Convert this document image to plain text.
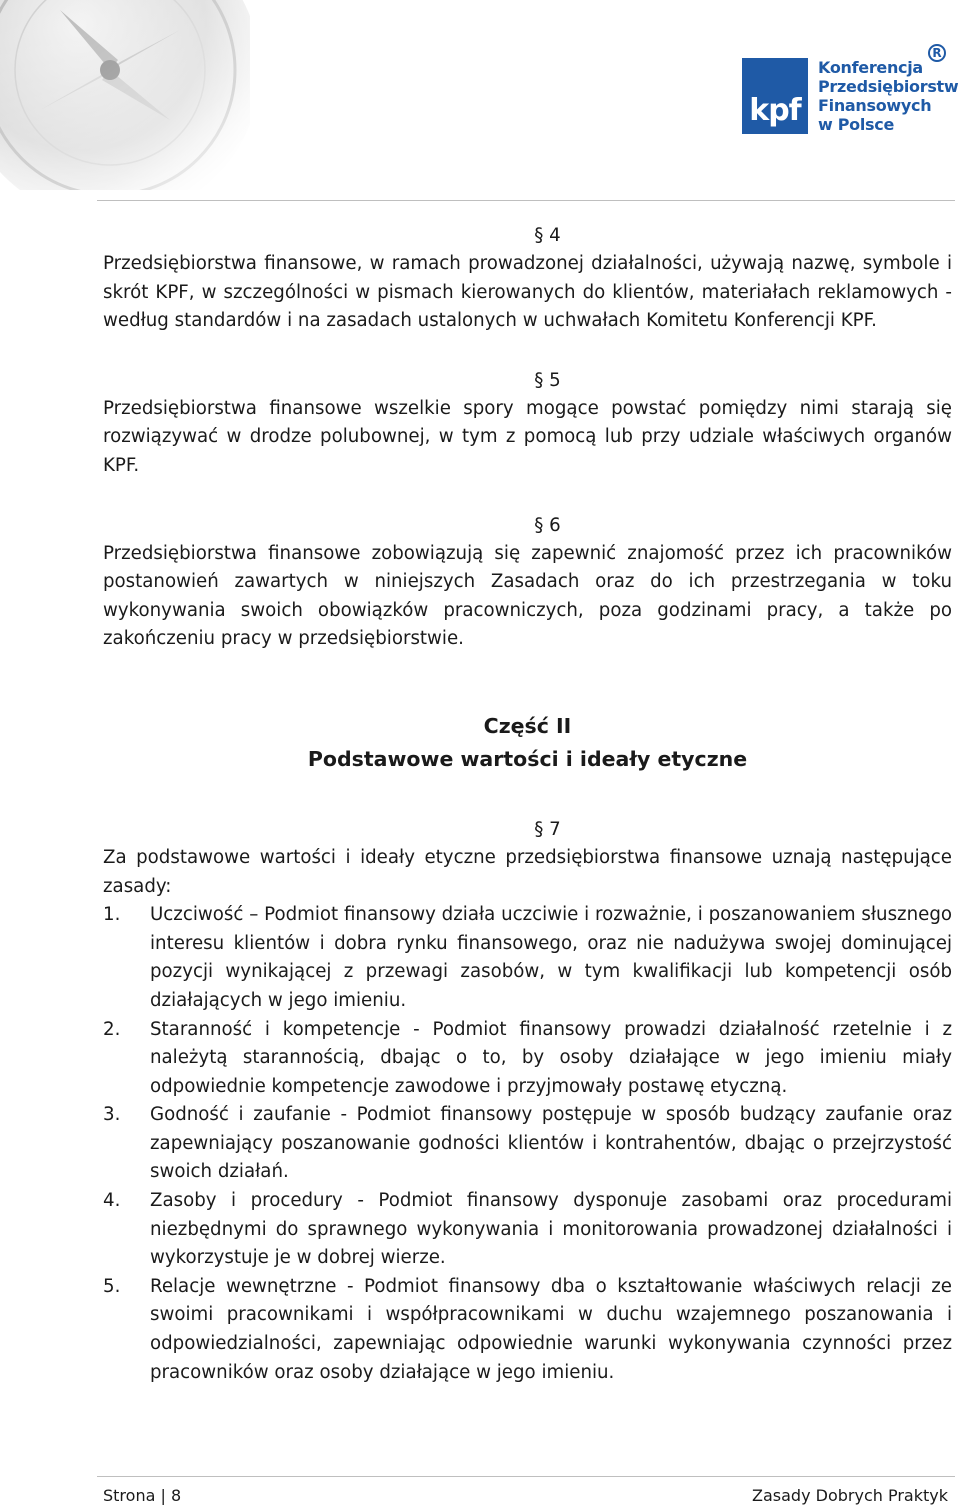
kpf
Konferencja
Przedsiębiorstw
Finansowych
w Polsce
R
§ 4
Przedsiębiorstwa finansowe, w ramach prowadzonej działalności, używają nazwę, symbole i skrót KPF, w szczególności w pismach kierowanych do klientów, materiałach reklamowych - według standardów i na zasadach ustalonych w uchwałach Komitetu Konferencji KPF.
§ 5
Przedsiębiorstwa finansowe wszelkie spory mogące powstać pomiędzy nimi starają się rozwiązywać w drodze polubownej, w tym z pomocą lub przy udziale właściwych organów KPF.
§ 6
Przedsiębiorstwa finansowe zobowiązują się zapewnić znajomość przez ich pracowników postanowień zawartych w niniejszych Zasadach oraz do ich przestrzegania w toku wykonywania swoich obowiązków pracowniczych, poza godzinami pracy, a także po zakończeniu pracy w przedsiębiorstwie.
Część II
Podstawowe wartości i ideały etyczne
§ 7
Za podstawowe wartości i ideały etyczne przedsiębiorstwa finansowe uznają następujące zasady:
1.	Uczciwość – Podmiot finansowy działa uczciwie i rozważnie, i poszanowaniem słusznego interesu klientów i dobra rynku finansowego, oraz nie nadużywa swojej dominującej pozycji wynikającej z przewagi zasobów, w tym kwalifikacji lub kompetencji osób działających w jego imieniu.
2.	Staranność i kompetencje - Podmiot finansowy prowadzi działalność rzetelnie i z należytą starannością, dbając o to, by osoby działające w jego imieniu miały odpowiednie kompetencje zawodowe i przyjmowały postawę etyczną.
3.	Godność i zaufanie - Podmiot finansowy postępuje w sposób budzący zaufanie oraz zapewniający poszanowanie godności klientów i kontrahentów, dbając o przejrzystość swoich działań.
4.	Zasoby i procedury - Podmiot finansowy dysponuje zasobami oraz procedurami niezbędnymi do sprawnego wykonywania i monitorowania prowadzonej działalności i wykorzystuje je w dobrej wierze.
5.	Relacje wewnętrzne - Podmiot finansowy dba o kształtowanie właściwych relacji ze swoimi pracownikami i współpracownikami w duchu wzajemnego poszanowania i odpowiedzialności, zapewniając odpowiednie warunki wykonywania czynności przez pracowników oraz osoby działające w jego imieniu.
Strona | 8	Zasady Dobrych Praktyk
